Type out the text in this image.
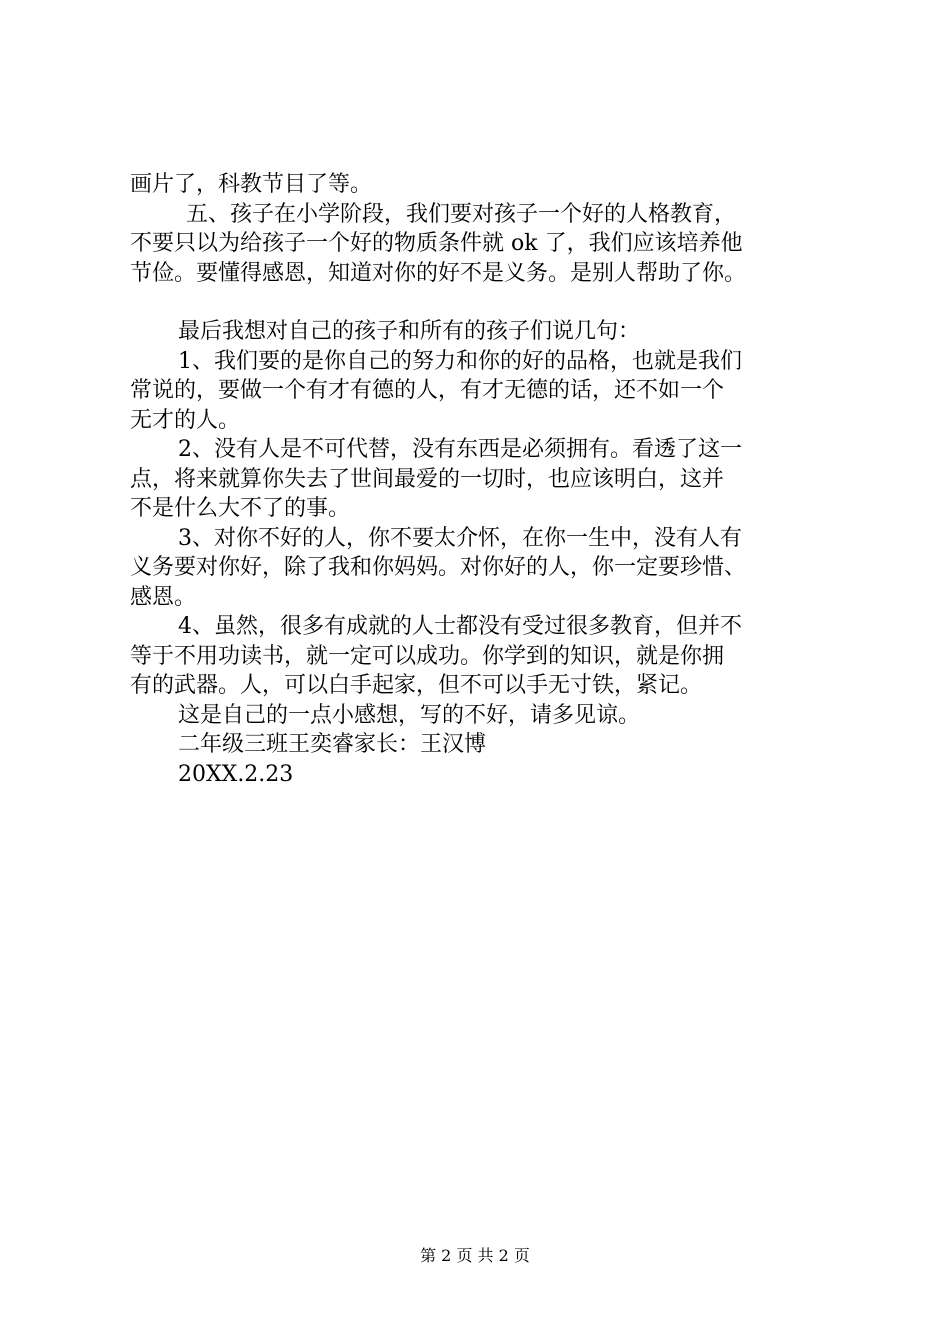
画片了，科教节目了等。

五、孩子在小学阶段，我们要对孩子一个好的人格教育，

不要只以为给孩子一个好的物质条件就 ok 了，我们应该培养他

节俭。要懂得感恩，知道对你的好不是义务。是别人帮助了你。

最后我想对自己的孩子和所有的孩子们说几句：

1、我们要的是你自己的努力和你的好的品格，也就是我们

常说的，要做一个有才有德的人，有才无德的话，还不如一个

无才的人。

2、没有人是不可代替，没有东西是必须拥有。看透了这一

点，将来就算你失去了世间最爱的一切时，也应该明白，这并

不是什么大不了的事。

3、对你不好的人，你不要太介怀，在你一生中，没有人有

义务要对你好，除了我和你妈妈。对你好的人，你一定要珍惜、

感恩。

4、虽然，很多有成就的人士都没有受过很多教育，但并不

等于不用功读书，就一定可以成功。你学到的知识，就是你拥

有的武器。人，可以白手起家，但不可以手无寸铁，紧记。

这是自己的一点小感想，写的不好，请多见谅。

二年级三班王奕睿家长：王汉博

20XX.2.23

第 2 页 共 2 页
